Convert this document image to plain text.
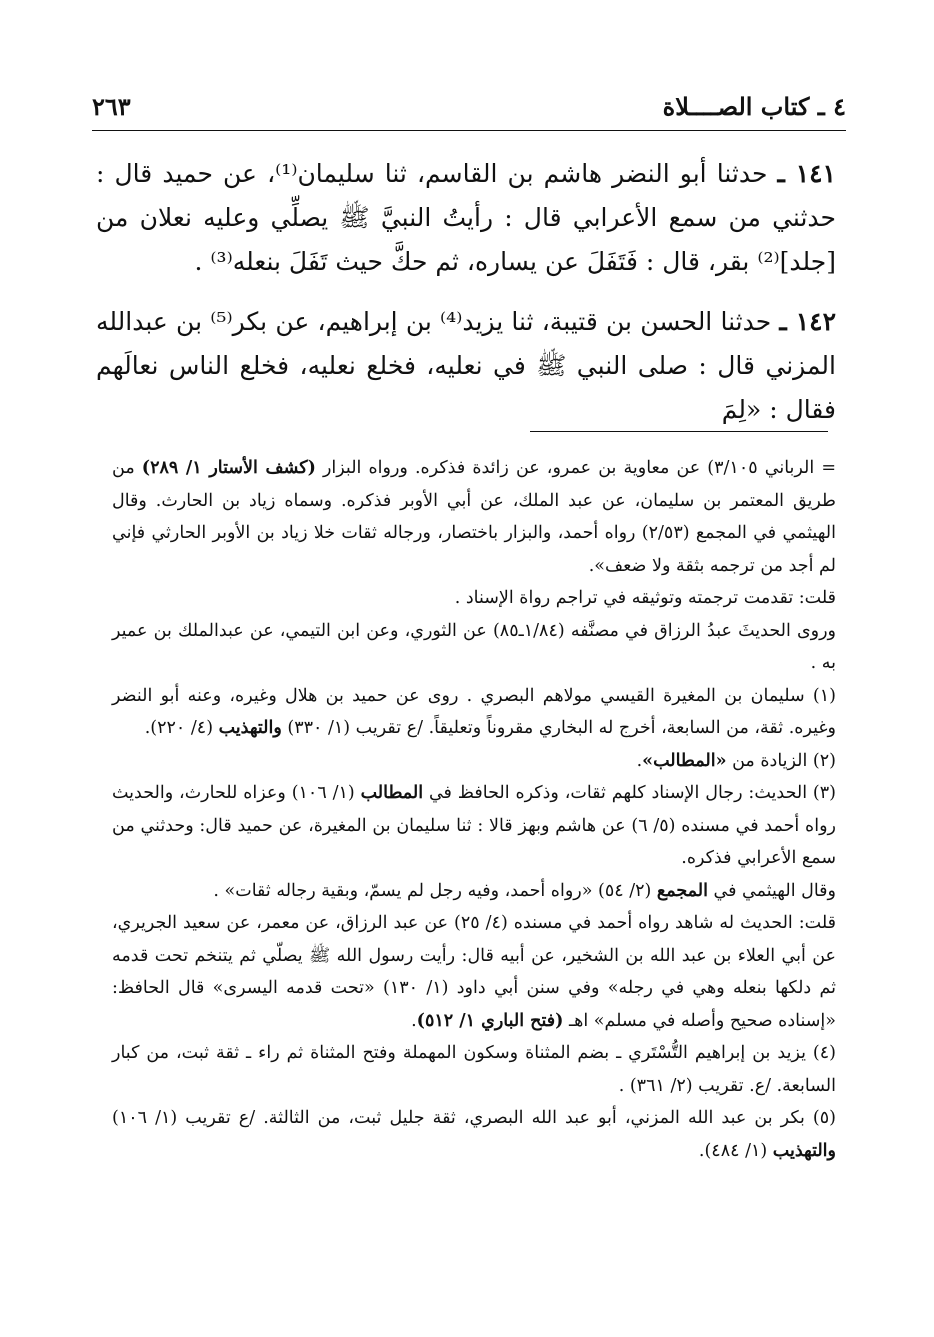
٢٦٣	٤ ـ كتاب الصــــلاة

١٤١ ـ حدثنا أبو النضر هاشم بن القاسم، ثنا سليمان⁽¹⁾، عن حميد قال : حدثني من سمع الأعرابي قال : رأيتُ النبيَّ ﷺ يصلِّي وعليه نعلان من [جلد]⁽²⁾ بقر، قال : فَتَفَلَ عن يساره، ثم حكَّ حيث تَفَلَ بنعله⁽³⁾ .

١٤٢ ـ حدثنا الحسن بن قتيبة، ثنا يزيد⁽⁴⁾ بن إبراهيم، عن بكر⁽⁵⁾ بن عبدالله المزني قال : صلى النبي ﷺ في نعليه، فخلع نعليه، فخلع الناس نعالَهم فقال : «لِمَ

= الرباني ٣/١٠٥) عن معاوية بن عمرو، عن زائدة فذكره. ورواه البزار (كشف الأستار ١/ ٢٨٩) من طريق المعتمر بن سليمان، عن عبد الملك، عن أبي الأوبر فذكره. وسماه زياد بن الحارث. وقال الهيثمي في المجمع (٢/٥٣) رواه أحمد، والبزار باختصار، ورجاله ثقات خلا زياد بن الأوبر الحارثي فإني لم أجد من ترجمه بثقة ولا ضعف».

قلت: تقدمت ترجمته وتوثيقه في تراجم رواة الإسناد .

وروى الحديثَ عبدُ الرزاق في مصنَّفه (١/٨٤ـ٨٥) عن الثوري، وعن ابن التيمي، عن عبدالملك بن عمير به .

(١) سليمان بن المغيرة القيسي مولاهم البصري . روى عن حميد بن هلال وغيره، وعنه أبو النضر وغيره. ثقة، من السابعة، أخرج له البخاري مقروناً وتعليقاً. /ع تقريب (١/ ٣٣٠) والتهذيب (٤/ ٢٢٠).

(٢) الزيادة من «المطالب».

(٣) الحديث: رجال الإسناد كلهم ثقات، وذكره الحافظ في المطالب (١/ ١٠٦) وعزاه للحارث، والحديث رواه أحمد في مسنده (٥/ ٦) عن هاشم وبهز قالا : ثنا سليمان بن المغيرة، عن حميد قال: وحدثني من سمع الأعرابي فذكره.

وقال الهيثمي في المجمع (٢/ ٥٤) «رواه أحمد، وفيه رجل لم يسمّ، وبقية رجاله ثقات» .

قلت: الحديث له شاهد رواه أحمد في مسنده (٤/ ٢٥) عن عبد الرزاق، عن معمر، عن سعيد الجريري، عن أبي العلاء بن عبد الله بن الشخير، عن أبيه قال: رأيت رسول الله ﷺ يصلّي ثم يتنخم تحت قدمه ثم دلكها بنعله وهي في رجله» وفي سنن أبي داود (١/ ١٣٠) «تحت قدمه اليسرى» قال الحافظ: «إسناده صحيح وأصله في مسلم» اهـ (فتح الباري ١/ ٥١٢).

(٤) يزيد بن إبراهيم التُّسْتَري ـ بضم المثناة وسكون المهملة وفتح المثناة ثم راء ـ ثقة ثبت، من كبار السابعة. /ع. تقريب (٢/ ٣٦١) .

(٥) بكر بن عبد الله المزني، أبو عبد الله البصري، ثقة جليل ثبت، من الثالثة. /ع تقريب (١/ ١٠٦) والتهذيب (١/ ٤٨٤).
